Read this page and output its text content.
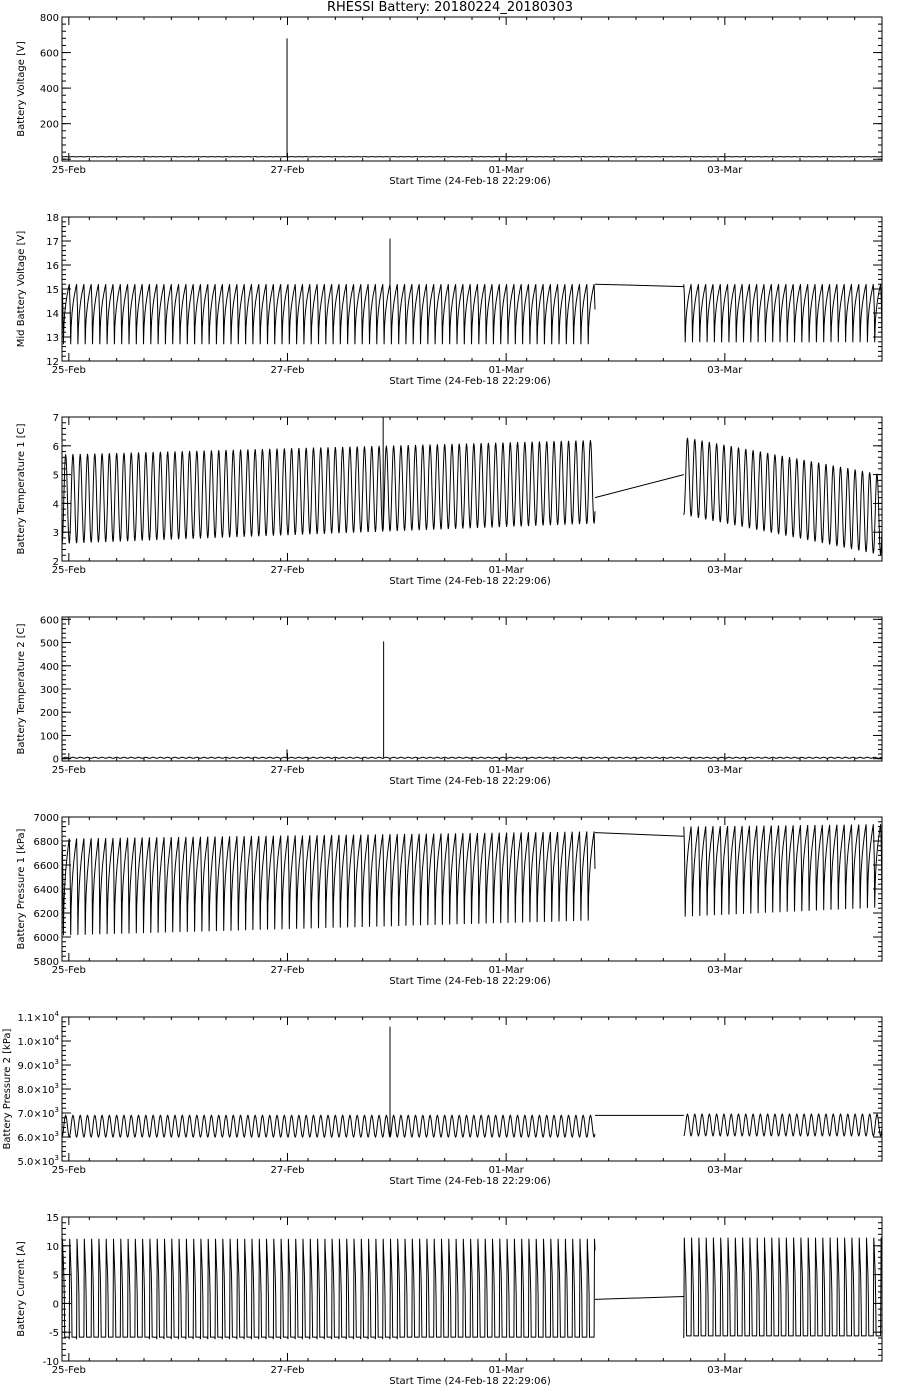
RHESSI Battery: 20180224_20180303
25-Feb	27-Feb	01-Mar	03-Mar
Start Time (24-Feb-18 22:29:06)
0
200
400
600
800
Battery Voltage [V]
25-Feb	27-Feb	01-Mar	03-Mar
Start Time (24-Feb-18 22:29:06)
12
13
14
15
16
17
18
Mid Battery Voltage [V]
25-Feb	27-Feb	01-Mar	03-Mar
Start Time (24-Feb-18 22:29:06)
2
3
4
5
6
7
Battery Temperature 1 [C]
25-Feb	27-Feb	01-Mar	03-Mar
Start Time (24-Feb-18 22:29:06)
0
100
200
300
400
500
600
Battery Temperature 2 [C]
25-Feb	27-Feb	01-Mar	03-Mar
Start Time (24-Feb-18 22:29:06)
5800
6000
6200
6400
6600
6800
7000
Battery Pressure 1 [kPa]
25-Feb	27-Feb	01-Mar	03-Mar
Start Time (24-Feb-18 22:29:06)
$5.0\times 10^3$
$6.0\times 10^3$
$7.0\times 10^3$
$8.0\times 10^3$
$9.0\times 10^3$
$1.0\times 10^4$
$1.1\times 10^4$
Battery Pressure 2 [kPa]
25-Feb	27-Feb	01-Mar	03-Mar
Start Time (24-Feb-18 22:29:06)
-10
-5
0
5
10
15
Battery Current [A]
